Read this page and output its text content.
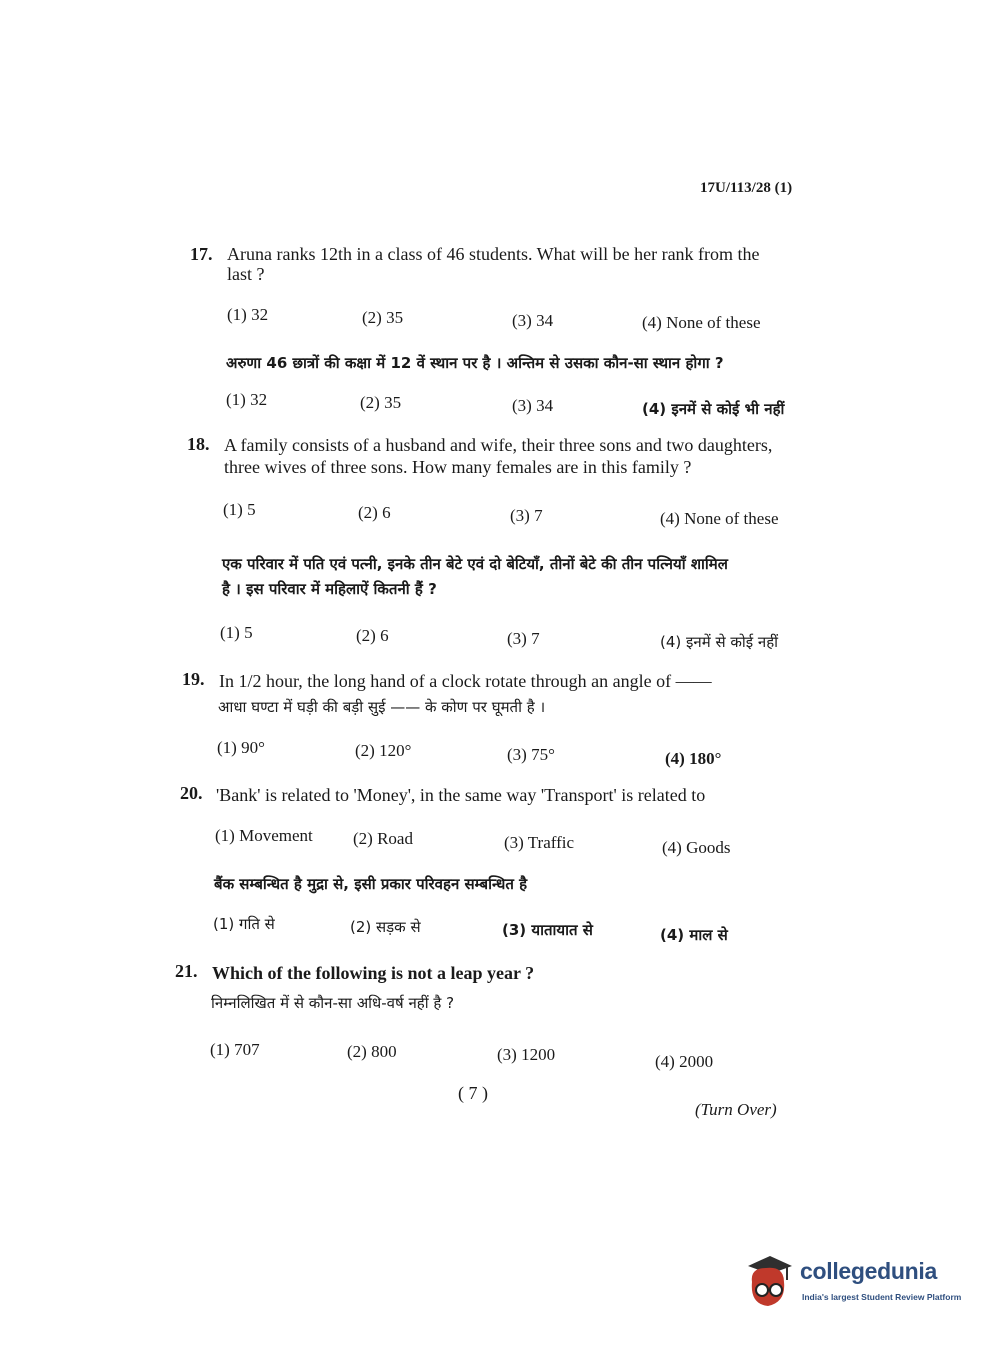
17U/113/28 (1)
17. Aruna ranks 12th in a class of 46 students. What will be her rank from the
last ?
(1) 32	(2) 35	(3) 34	(4) None of these
अरुणा 46 छात्रों की कक्षा में 12 वें स्थान पर है । अन्तिम से उसका कौन-सा स्थान होगा ?
(1) 32	(2) 35	(3) 34	(4) इनमें से कोई भी नहीं
18. A family consists of a husband and wife, their three sons and two daughters,
three wives of three sons. How many females are in this family ?
(1) 5	(2) 6	(3) 7	(4) None of these
एक परिवार में पति एवं पत्नी, इनके तीन बेटे एवं दो बेटियाँ, तीनों बेटे की तीन पत्नियाँ शामिल
है । इस परिवार में महिलाऐं कितनी हैं ?
(1) 5	(2) 6	(3) 7	(4) इनमें से कोई नहीं
19. In 1/2 hour, the long hand of a clock rotate through an angle of ——
आधा घण्टा में घड़ी की बड़ी सुई —— के कोण पर घूमती है ।
(1) 90°	(2) 120°	(3) 75°	(4) 180°
20. 'Bank' is related to 'Money', in the same way 'Transport' is related to
(1) Movement (2) Road	(3) Traffic	(4) Goods
बैंक सम्बन्धित है मुद्रा से, इसी प्रकार परिवहन सम्बन्धित है
(1) गति से	(2) सड़क से	(3) यातायात से	(4) माल से
21. Which of the following is not a leap year ?
निम्नलिखित में से कौन-सा अधि-वर्ष नहीं है ?
(1) 707	(2) 800	(3) 1200	(4) 2000
( 7 )
(Turn Over)
collegedunia
India's largest Student Review Platform
